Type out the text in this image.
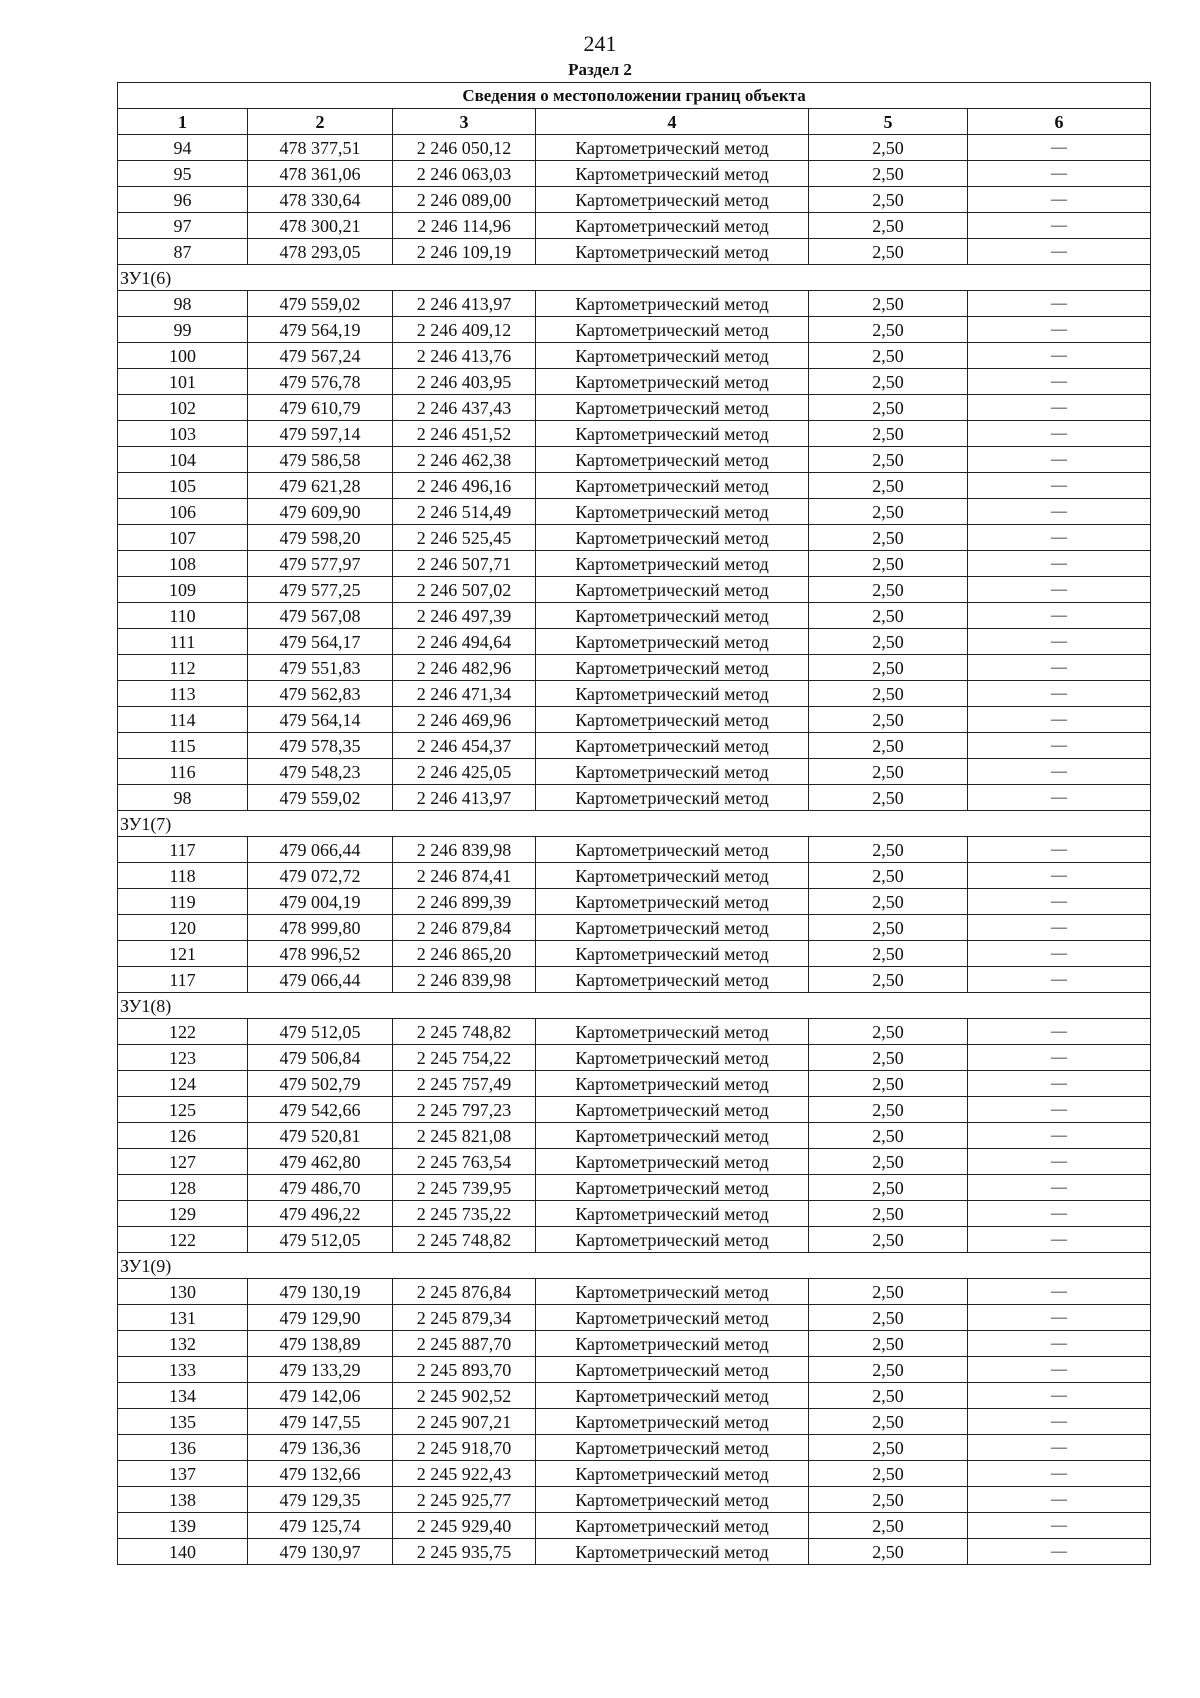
241
Раздел 2
Сведения о местоположении границ объекта					
1	2	3	4	5	6
94	478 377,51	2 246 050,12	Картометрический метод	2,50	—
95	478 361,06	2 246 063,03	Картометрический метод	2,50	—
96	478 330,64	2 246 089,00	Картометрический метод	2,50	—
97	478 300,21	2 246 114,96	Картометрический метод	2,50	—
87	478 293,05	2 246 109,19	Картометрический метод	2,50	—
ЗУ1(6)					
98	479 559,02	2 246 413,97	Картометрический метод	2,50	—
99	479 564,19	2 246 409,12	Картометрический метод	2,50	—
100	479 567,24	2 246 413,76	Картометрический метод	2,50	—
101	479 576,78	2 246 403,95	Картометрический метод	2,50	—
102	479 610,79	2 246 437,43	Картометрический метод	2,50	—
103	479 597,14	2 246 451,52	Картометрический метод	2,50	—
104	479 586,58	2 246 462,38	Картометрический метод	2,50	—
105	479 621,28	2 246 496,16	Картометрический метод	2,50	—
106	479 609,90	2 246 514,49	Картометрический метод	2,50	—
107	479 598,20	2 246 525,45	Картометрический метод	2,50	—
108	479 577,97	2 246 507,71	Картометрический метод	2,50	—
109	479 577,25	2 246 507,02	Картометрический метод	2,50	—
110	479 567,08	2 246 497,39	Картометрический метод	2,50	—
111	479 564,17	2 246 494,64	Картометрический метод	2,50	—
112	479 551,83	2 246 482,96	Картометрический метод	2,50	—
113	479 562,83	2 246 471,34	Картометрический метод	2,50	—
114	479 564,14	2 246 469,96	Картометрический метод	2,50	—
115	479 578,35	2 246 454,37	Картометрический метод	2,50	—
116	479 548,23	2 246 425,05	Картометрический метод	2,50	—
98	479 559,02	2 246 413,97	Картометрический метод	2,50	—
ЗУ1(7)					
117	479 066,44	2 246 839,98	Картометрический метод	2,50	—
118	479 072,72	2 246 874,41	Картометрический метод	2,50	—
119	479 004,19	2 246 899,39	Картометрический метод	2,50	—
120	478 999,80	2 246 879,84	Картометрический метод	2,50	—
121	478 996,52	2 246 865,20	Картометрический метод	2,50	—
117	479 066,44	2 246 839,98	Картометрический метод	2,50	—
ЗУ1(8)					
122	479 512,05	2 245 748,82	Картометрический метод	2,50	—
123	479 506,84	2 245 754,22	Картометрический метод	2,50	—
124	479 502,79	2 245 757,49	Картометрический метод	2,50	—
125	479 542,66	2 245 797,23	Картометрический метод	2,50	—
126	479 520,81	2 245 821,08	Картометрический метод	2,50	—
127	479 462,80	2 245 763,54	Картометрический метод	2,50	—
128	479 486,70	2 245 739,95	Картометрический метод	2,50	—
129	479 496,22	2 245 735,22	Картометрический метод	2,50	—
122	479 512,05	2 245 748,82	Картометрический метод	2,50	—
ЗУ1(9)					
130	479 130,19	2 245 876,84	Картометрический метод	2,50	—
131	479 129,90	2 245 879,34	Картометрический метод	2,50	—
132	479 138,89	2 245 887,70	Картометрический метод	2,50	—
133	479 133,29	2 245 893,70	Картометрический метод	2,50	—
134	479 142,06	2 245 902,52	Картометрический метод	2,50	—
135	479 147,55	2 245 907,21	Картометрический метод	2,50	—
136	479 136,36	2 245 918,70	Картометрический метод	2,50	—
137	479 132,66	2 245 922,43	Картометрический метод	2,50	—
138	479 129,35	2 245 925,77	Картометрический метод	2,50	—
139	479 125,74	2 245 929,40	Картометрический метод	2,50	—
140	479 130,97	2 245 935,75	Картометрический метод	2,50	—
